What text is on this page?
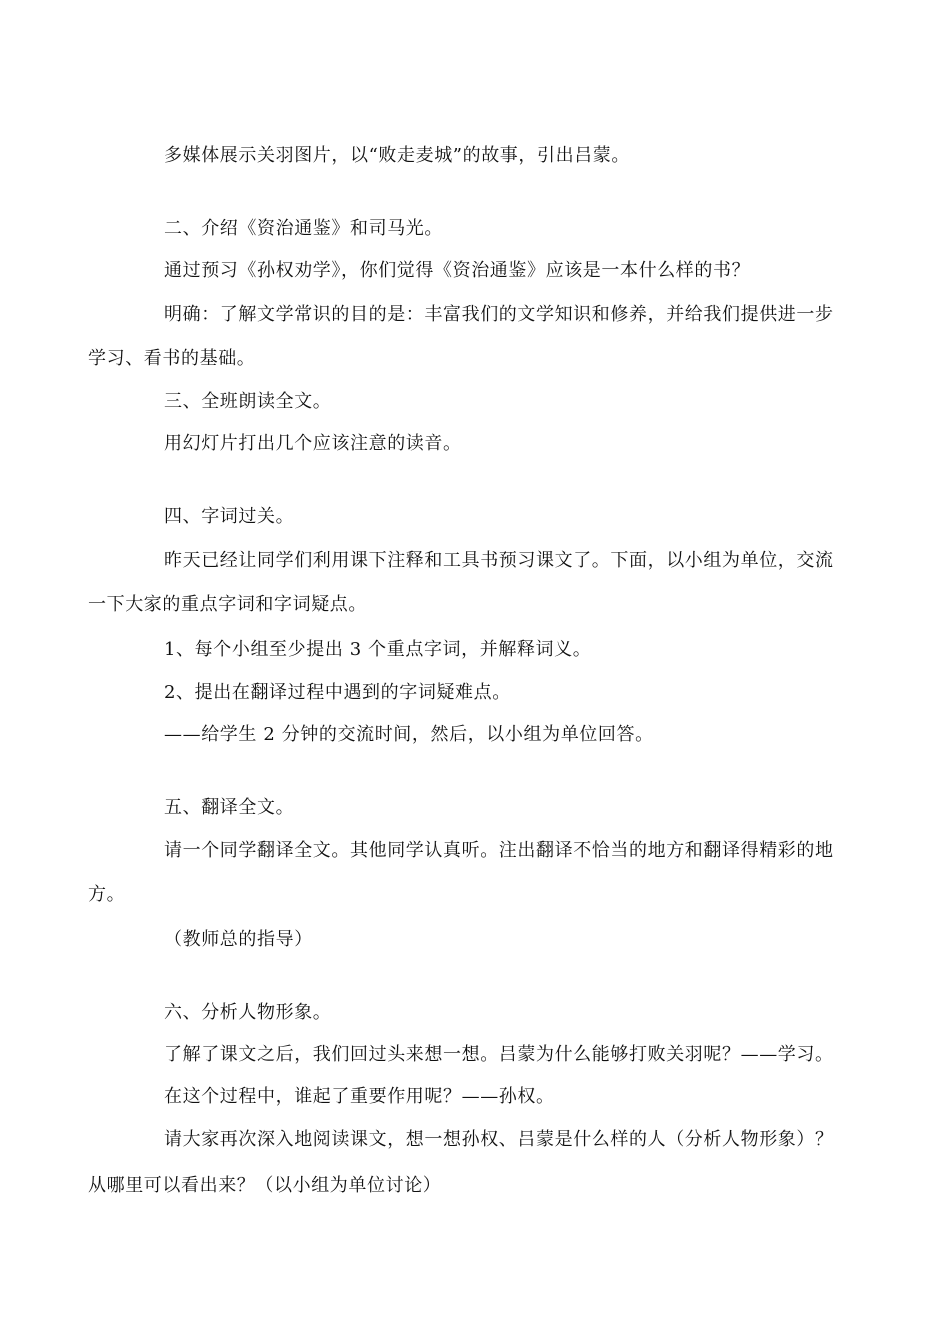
多媒体展示关羽图片，以“败走麦城”的故事，引出吕蒙。

二、介绍《资治通鉴》和司马光。

通过预习《孙权劝学》，你们觉得《资治通鉴》应该是一本什么样的书？

明确：了解文学常识的目的是：丰富我们的文学知识和修养，并给我们提供进一步

学习、看书的基础。

三、全班朗读全文。

用幻灯片打出几个应该注意的读音。

四、字词过关。

昨天已经让同学们利用课下注释和工具书预习课文了。下面，以小组为单位，交流

一下大家的重点字词和字词疑点。

1、每个小组至少提出 3 个重点字词，并解释词义。

2、提出在翻译过程中遇到的字词疑难点。

——给学生 2 分钟的交流时间，然后，以小组为单位回答。

五、翻译全文。

请一个同学翻译全文。其他同学认真听。注出翻译不恰当的地方和翻译得精彩的地

方。

（教师总的指导）

六、分析人物形象。

了解了课文之后，我们回过头来想一想。吕蒙为什么能够打败关羽呢？——学习。

在这个过程中，谁起了重要作用呢？——孙权。

请大家再次深入地阅读课文，想一想孙权、吕蒙是什么样的人（分析人物形象）？

从哪里可以看出来？（以小组为单位讨论）
